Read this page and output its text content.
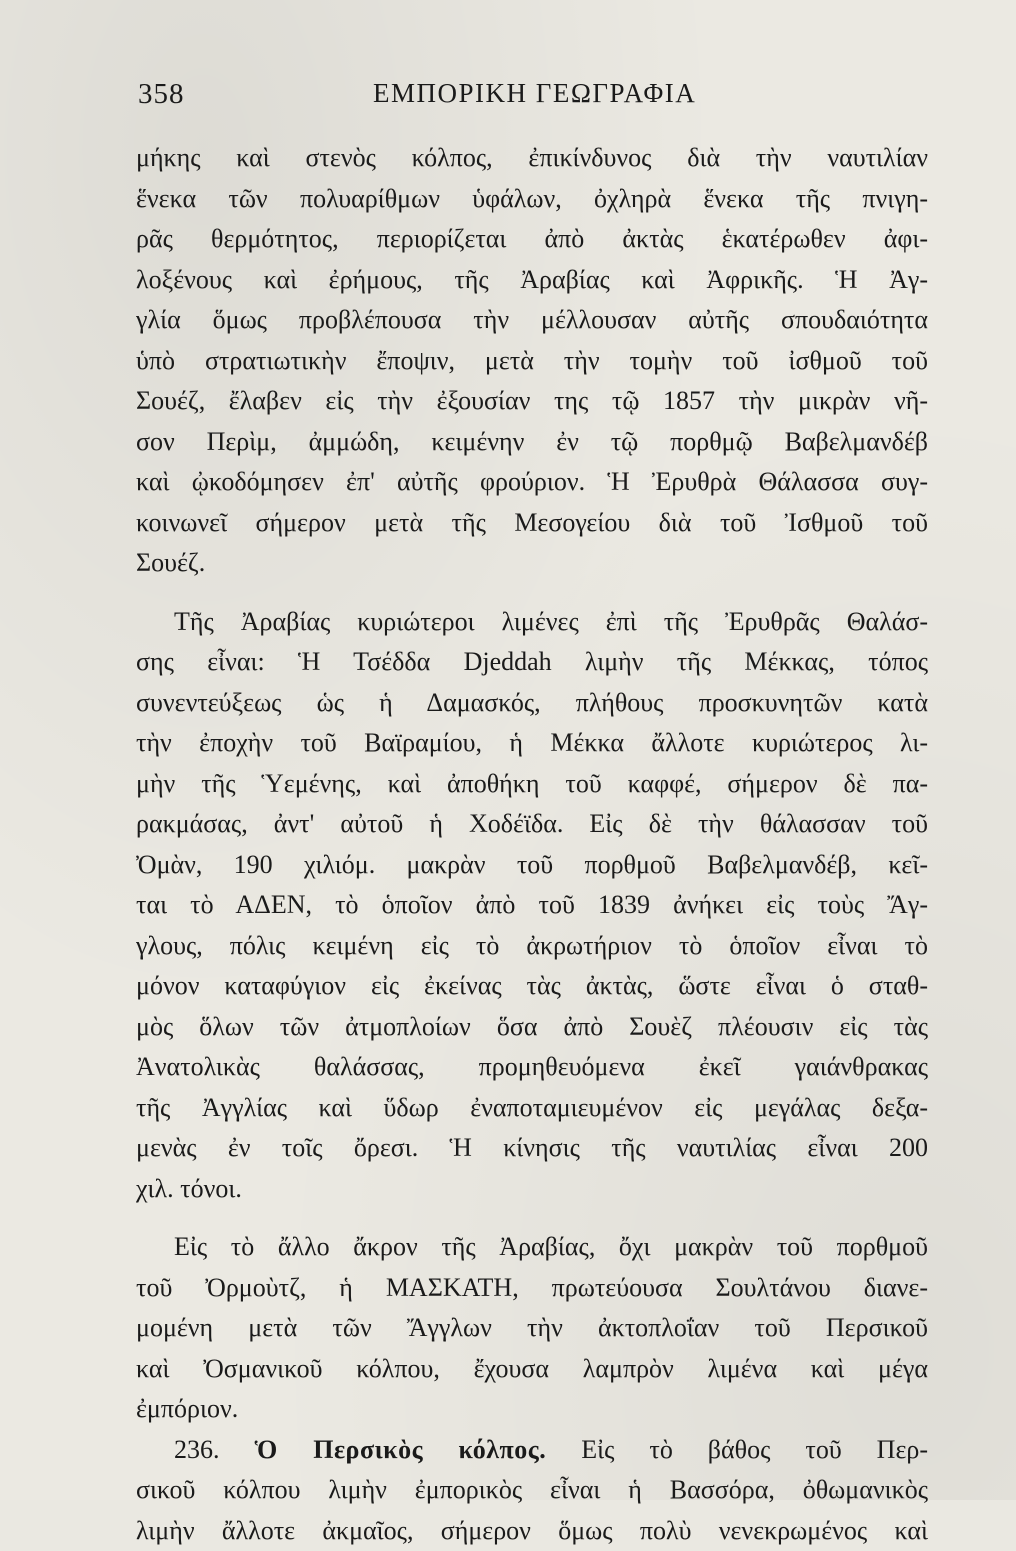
358	ΕΜΠΟΡΙΚΗ ΓΕΩΓΡΑΦΙΑ
μήκης καὶ στενὸς κόλπος, ἐπικίνδυνος διὰ τὴν ναυτιλίαν
ἕνεκα τῶν πολυαρίθμων ὑφάλων, ὀχληρὰ ἕνεκα τῆς πνιγη-
ρᾶς θερμότητος, περιορίζεται ἀπὸ ἀκτὰς ἑκατέρωθεν ἀφι-
λοξένους καὶ ἐρήμους, τῆς Ἀραβίας καὶ Ἀφρικῆς. Ἡ Ἀγ-
γλία ὅμως προβλέπουσα τὴν μέλλουσαν αὐτῆς σπουδαιότητα
ὑπὸ στρατιωτικὴν ἔποψιν, μετὰ τὴν τομὴν τοῦ ἰσθμοῦ τοῦ
Σουέζ, ἔλαβεν εἰς τὴν ἐξουσίαν της τῷ 1857 τὴν μικρὰν νῆ-
σον Περὶμ, ἀμμώδη, κειμένην ἐν τῷ πορθμῷ Βαβελμανδέβ
καὶ ᾠκοδόμησεν ἐπ' αὐτῆς φρούριον. Ἡ Ἐρυθρὰ Θάλασσα συγ-
κοινωνεῖ σήμερον μετὰ τῆς Μεσογείου διὰ τοῦ Ἰσθμοῦ τοῦ
Σουέζ.
Τῆς Ἀραβίας κυριώτεροι λιμένες ἐπὶ τῆς Ἐρυθρᾶς Θαλάσ-
σης εἶναι: Ἡ Τσέδδα Djeddah λιμὴν τῆς Μέκκας, τόπος
συνεντεύξεως ὡς ἡ Δαμασκός, πλήθους προσκυνητῶν κατὰ
τὴν ἐποχὴν τοῦ Βαϊραμίου, ἡ Μέκκα ἄλλοτε κυριώτερος λι-
μὴν τῆς Ὑεμένης, καὶ ἀποθήκη τοῦ καφφέ, σήμερον δὲ πα-
ρακμάσας, ἀντ' αὐτοῦ ἡ Χοδέϊδα. Εἰς δὲ τὴν θάλασσαν τοῦ
Ὀμὰν, 190 χιλιόμ. μακρὰν τοῦ πορθμοῦ Βαβελμανδέβ, κεῖ-
ται τὸ ΑΔΕΝ, τὸ ὁποῖον ἀπὸ τοῦ 1839 ἀνήκει εἰς τοὺς Ἄγ-
γλους, πόλις κειμένη εἰς τὸ ἀκρωτήριον τὸ ὁποῖον εἶναι τὸ
μόνον καταφύγιον εἰς ἐκείνας τὰς ἀκτὰς, ὥστε εἶναι ὁ σταθ-
μὸς ὅλων τῶν ἀτμοπλοίων ὅσα ἀπὸ Σουὲζ πλέουσιν εἰς τὰς
Ἀνατολικὰς θαλάσσας, προμηθευόμενα ἐκεῖ γαιάνθρακας
τῆς Ἀγγλίας καὶ ὕδωρ ἐναποταμιευμένον εἰς μεγάλας δεξα-
μενὰς ἐν τοῖς ὄρεσι. Ἡ κίνησις τῆς ναυτιλίας εἶναι 200
χιλ. τόνοι.
Εἰς τὸ ἄλλο ἄκρον τῆς Ἀραβίας, ὄχι μακρὰν τοῦ πορθμοῦ
τοῦ Ὀρμοὺτζ, ἡ ΜΑΣΚΑΤΗ, πρωτεύουσα Σουλτάνου διανε-
μομένη μετὰ τῶν Ἄγγλων τὴν ἀκτοπλοΐαν τοῦ Περσικοῦ
καὶ Ὀσμανικοῦ κόλπου, ἔχουσα λαμπρὸν λιμένα καὶ μέγα
ἐμπόριον.
236. Ὁ Περσικὸς κόλπος. Εἰς τὸ βάθος τοῦ Περ-
σικοῦ κόλπου λιμὴν ἐμπορικὸς εἶναι ἡ Βασσόρα, ὀθωμανικὸς
λιμὴν ἄλλοτε ἀκμαῖος, σήμερον ὅμως πολὺ νενεκρωμένος καὶ
